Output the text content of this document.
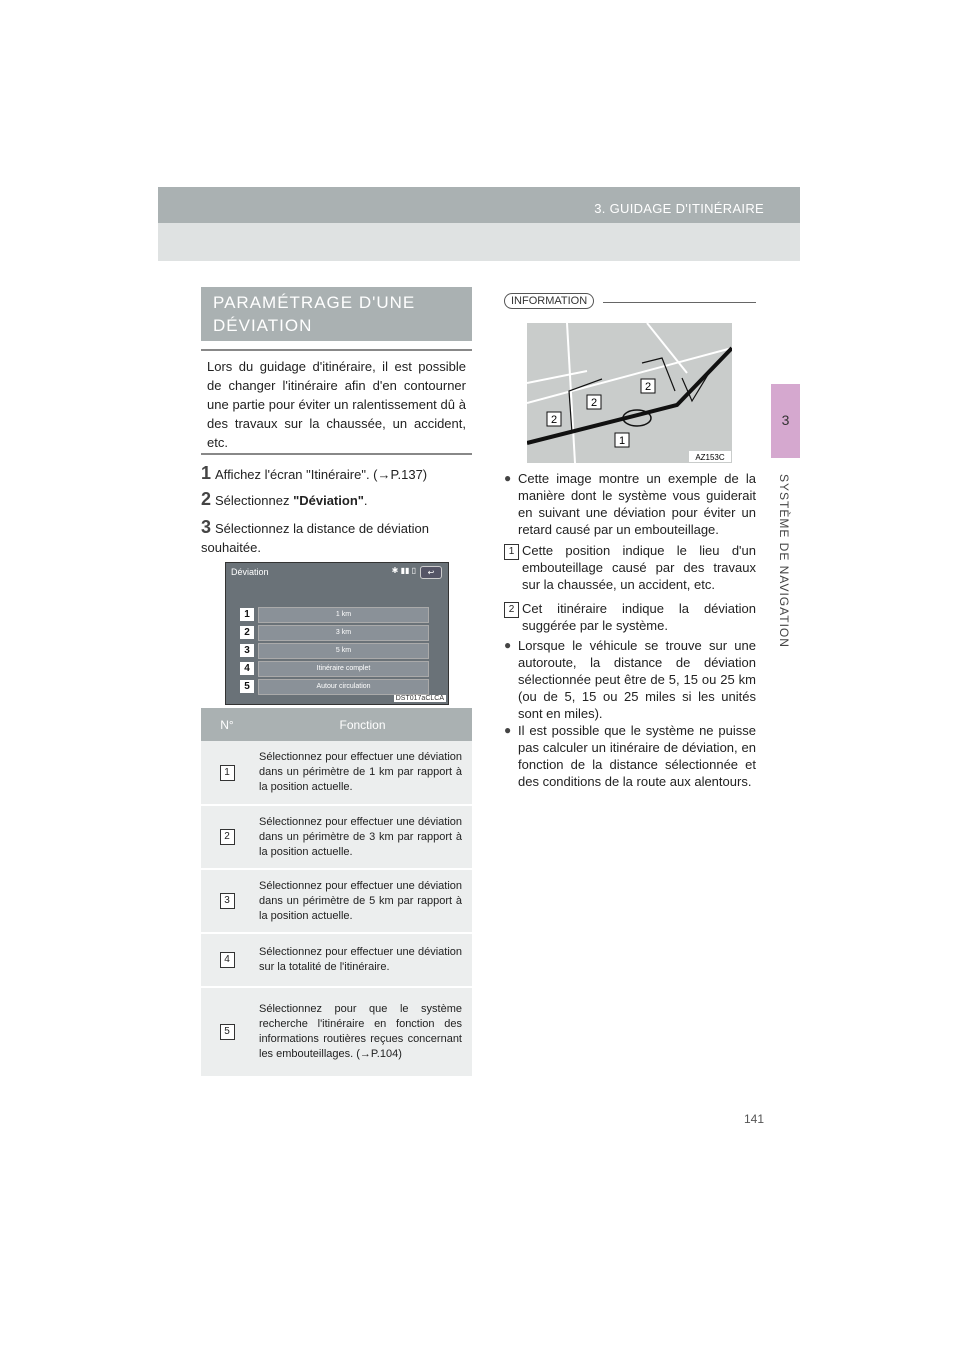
3. GUIDAGE D'ITINÉRAIRE
3
SYSTÈME DE NAVIGATION
PARAMÉTRAGE D'UNE DÉVIATION

Lors du guidage d'itinéraire, il est possible de changer l'itinéraire afin d'en contourner une partie pour éviter un ralentissement dû à des travaux sur la chaussée, un accident, etc.

1 Affichez l'écran "Itinéraire". (→P.137)
2 Sélectionnez "Déviation".
3 Sélectionnez la distance de déviation souhaitée.
Déviation	✱ ▮▮ ▯	↩
1	1 km
2	3 km
3	5 km
4	Itinéraire complet
5	Autour circulation
DST017aCLCA
N°	Fonction
1	Sélectionnez pour effectuer une déviation dans un périmètre de 1 km par rapport à la position actuelle.
2	Sélectionnez pour effectuer une déviation dans un périmètre de 3 km par rapport à la position actuelle.
3	Sélectionnez pour effectuer une déviation dans un périmètre de 5 km par rapport à la position actuelle.
4	Sélectionnez pour effectuer une déviation sur la totalité de l'itinéraire.
5	Sélectionnez pour que le système recherche l'itinéraire en fonction des informations routières reçues concernant les embouteillages. (→P.104)
INFORMATION
2
2
2
1
AZ153C
● Cette image montre un exemple de la manière dont le système vous guiderait en suivant une déviation pour éviter un retard causé par un embouteillage.
1 Cette position indique le lieu d'un embouteillage causé par des travaux sur la chaussée, un accident, etc.
2 Cet itinéraire indique la déviation suggérée par le système.
● Lorsque le véhicule se trouve sur une autoroute, la distance de déviation sélectionnée peut être de 5, 15 ou 25 km (ou de 5, 15 ou 25 miles si les unités sont en miles).
● Il est possible que le système ne puisse pas calculer un itinéraire de déviation, en fonction de la distance sélectionnée et des conditions de la route aux alentours.
141
